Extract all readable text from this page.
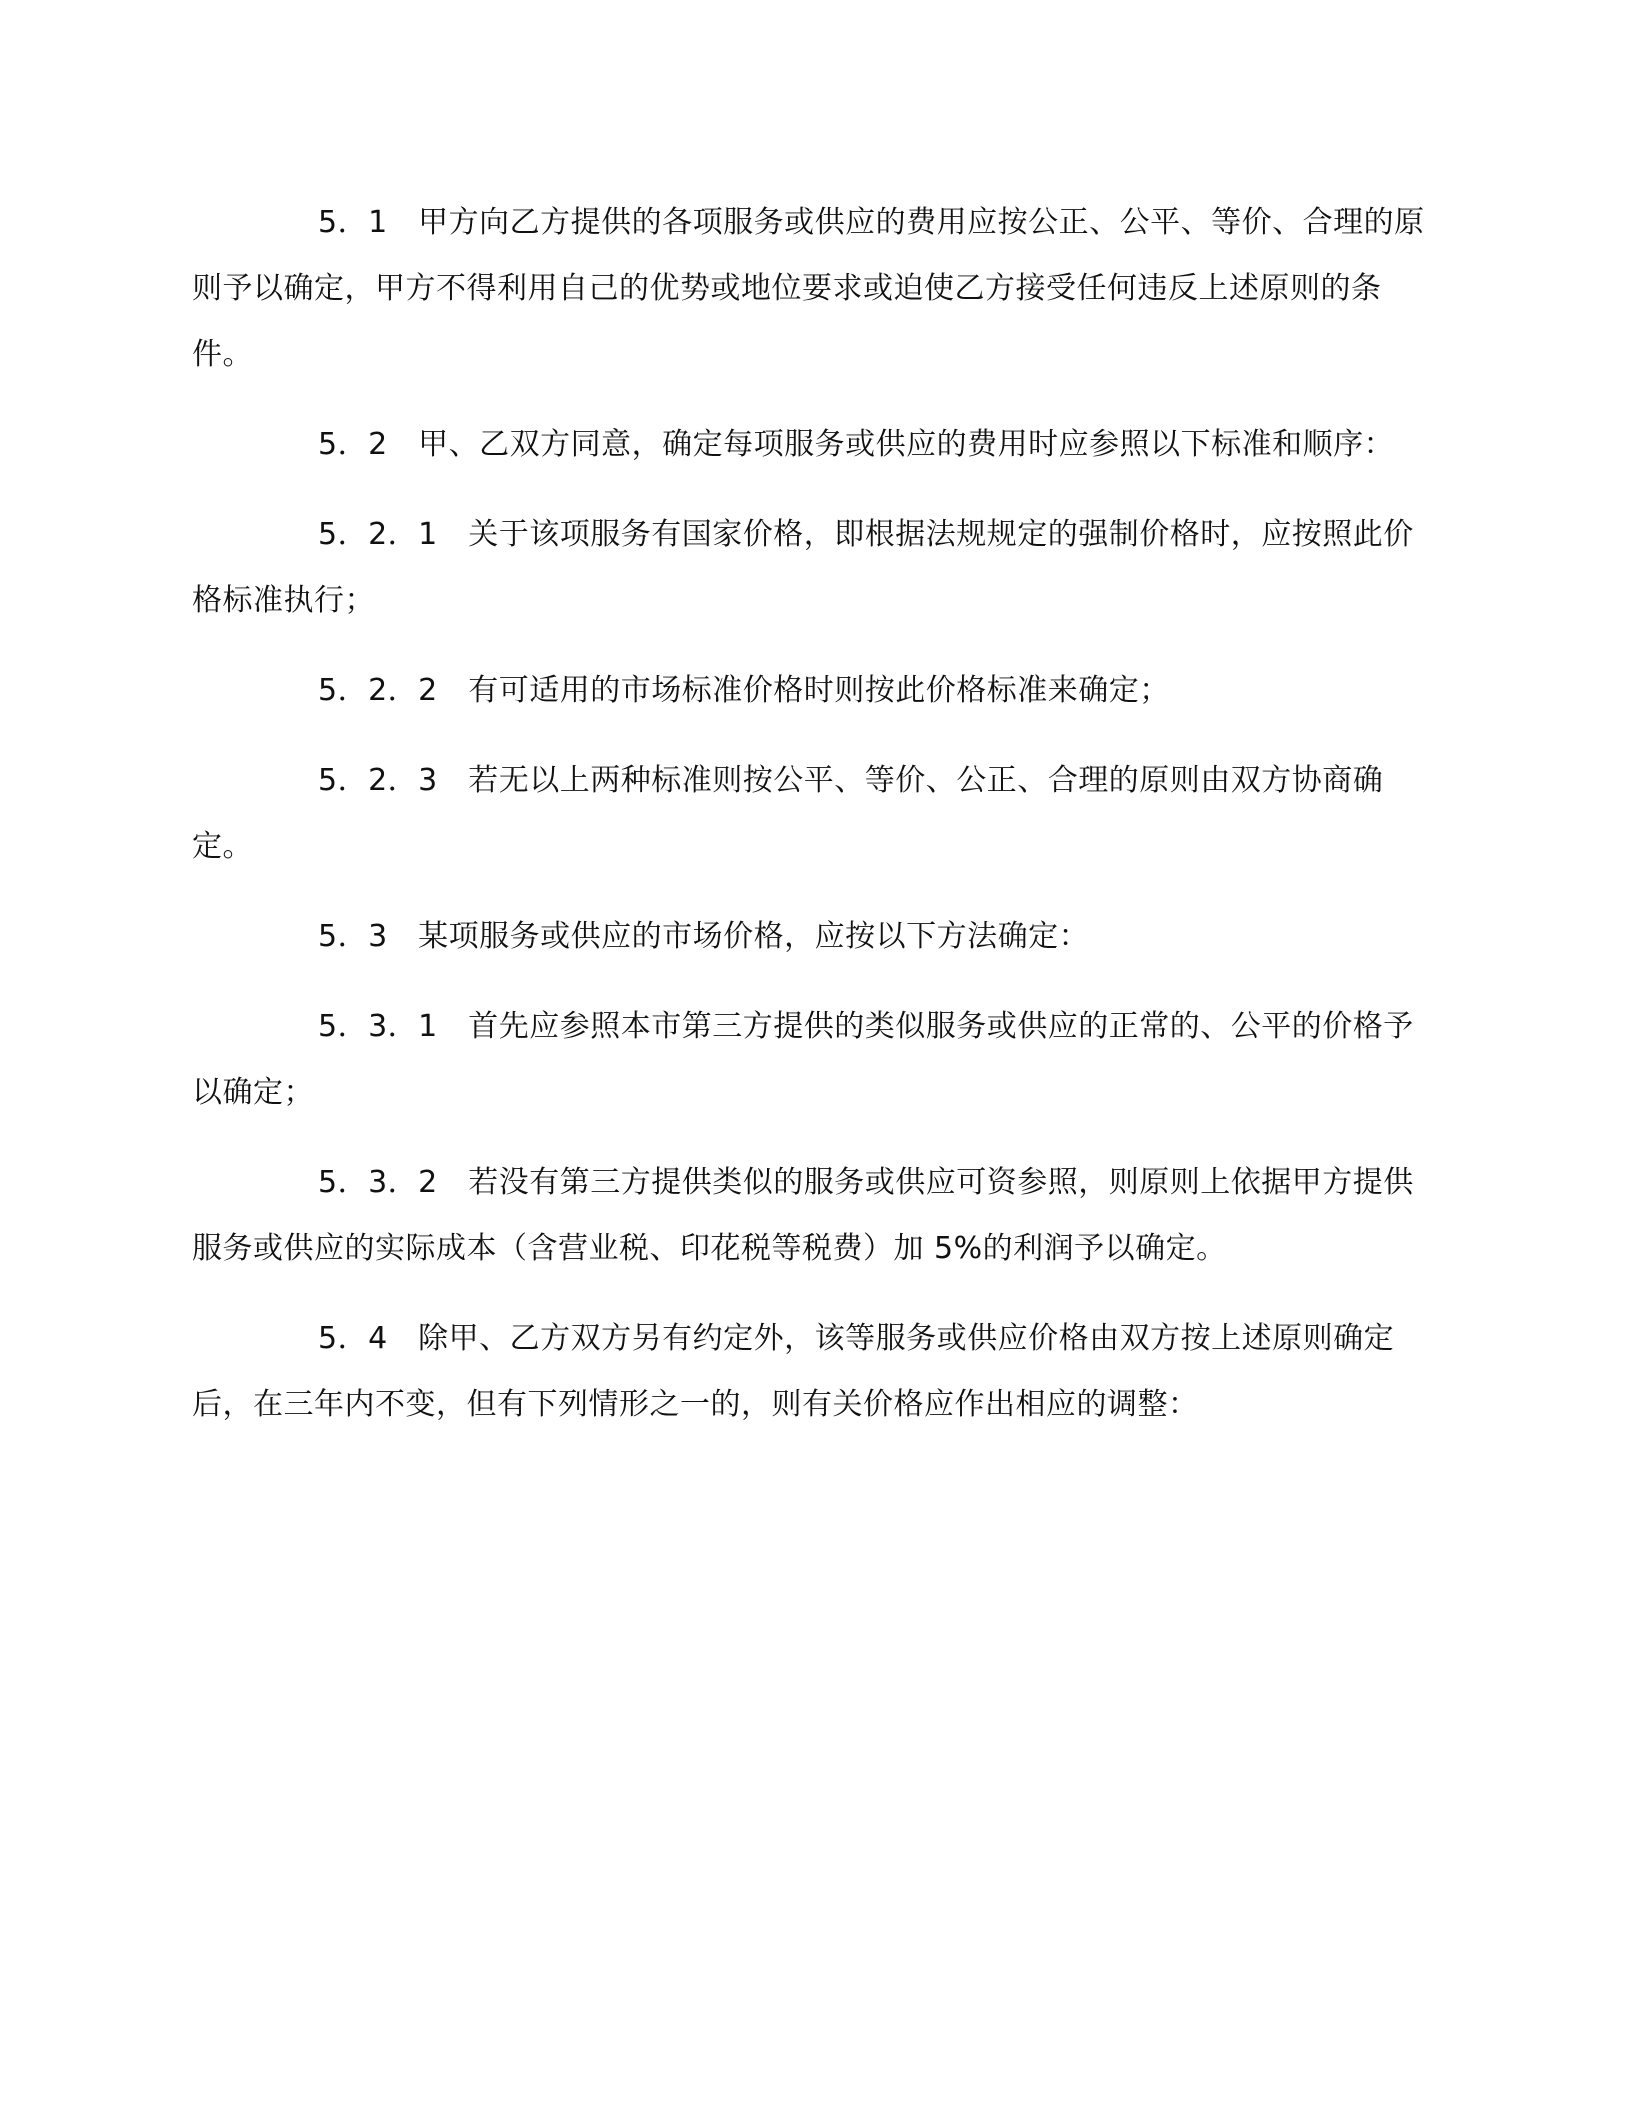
5．1　甲方向乙方提供的各项服务或供应的费用应按公正、公平、等价、合理的原则予以确定，甲方不得利用自己的优势或地位要求或迫使乙方接受任何违反上述原则的条件。

5．2　甲、乙双方同意，确定每项服务或供应的费用时应参照以下标准和顺序：

5．2．1　关于该项服务有国家价格，即根据法规规定的强制价格时，应按照此价格标准执行；

5．2．2　有可适用的市场标准价格时则按此价格标准来确定；

5．2．3　若无以上两种标准则按公平、等价、公正、合理的原则由双方协商确定。

5．3　某项服务或供应的市场价格，应按以下方法确定：

5．3．1　首先应参照本市第三方提供的类似服务或供应的正常的、公平的价格予以确定；

5．3．2　若没有第三方提供类似的服务或供应可资参照，则原则上依据甲方提供服务或供应的实际成本（含营业税、印花税等税费）加 5%的利润予以确定。

5．4　除甲、乙方双方另有约定外，该等服务或供应价格由双方按上述原则确定后，在三年内不变，但有下列情形之一的，则有关价格应作出相应的调整：
